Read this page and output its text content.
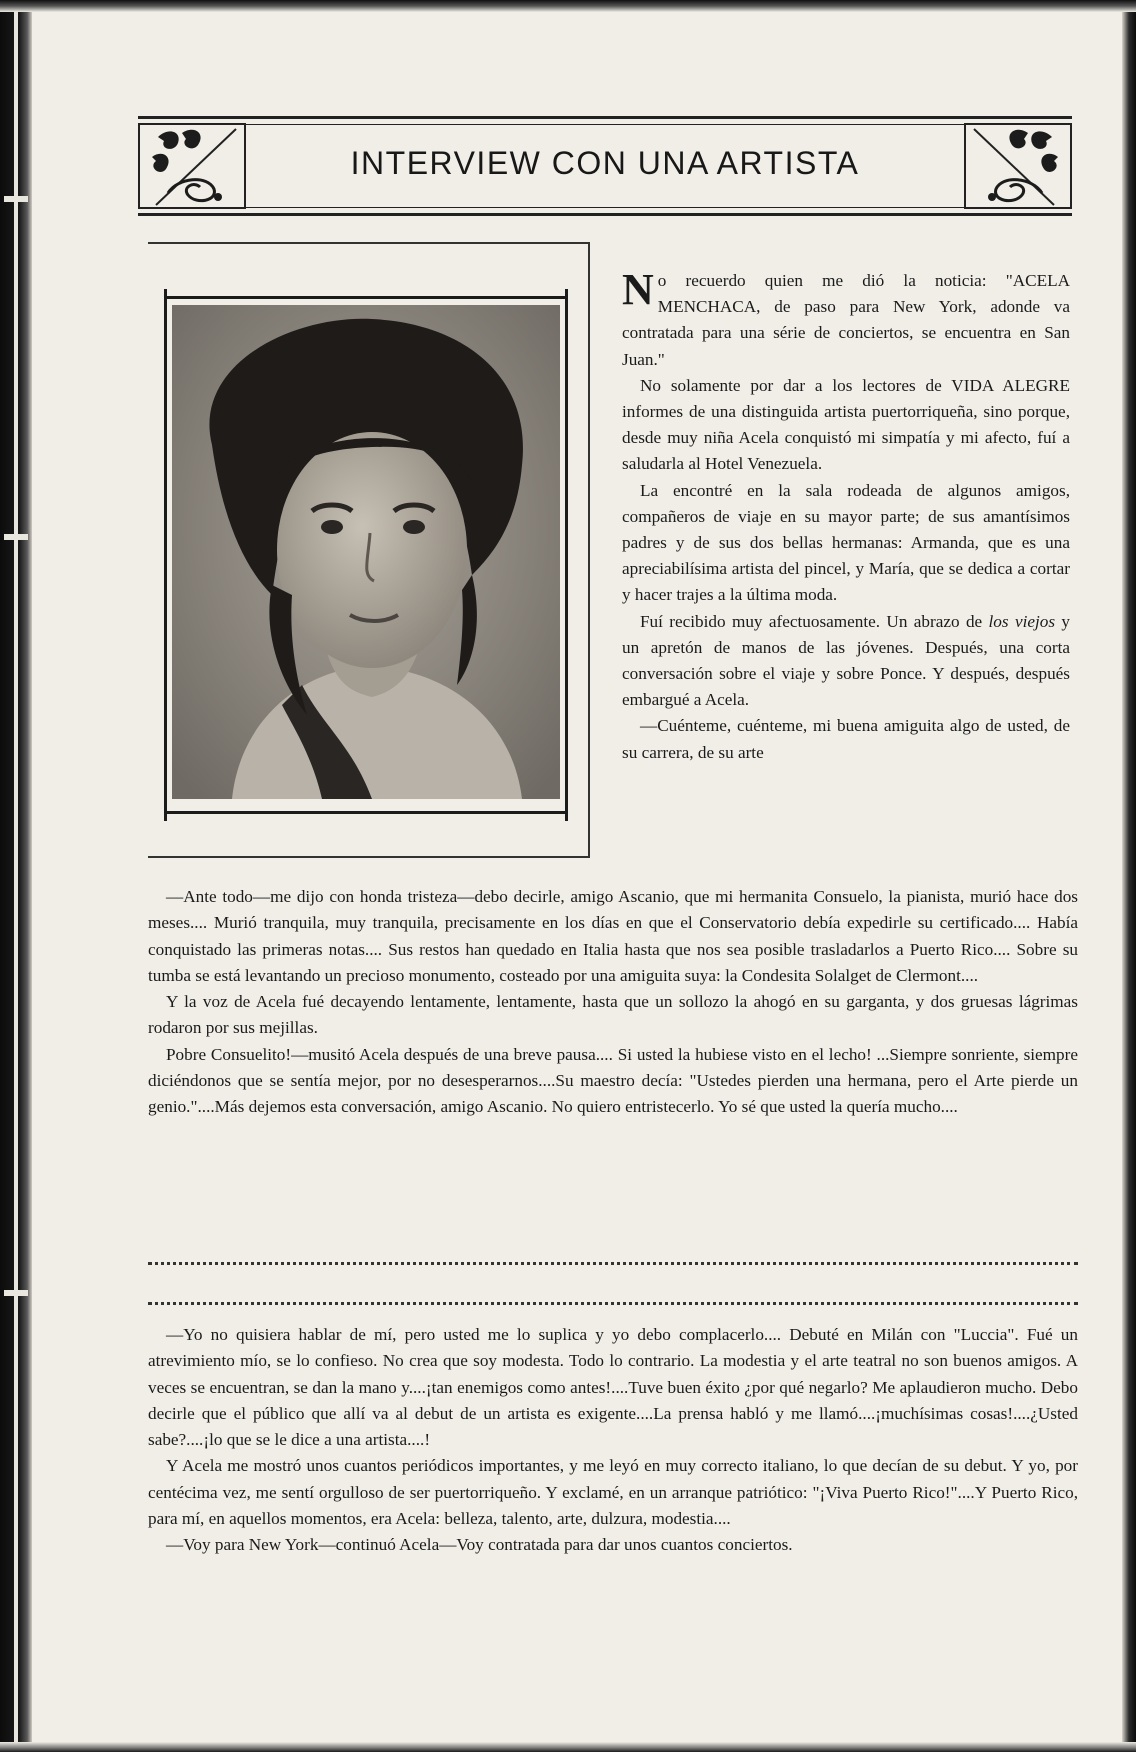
INTERVIEW CON UNA ARTISTA

No recuerdo quien me dió la noticia: "ACELA MENCHACA, de paso para New York, adonde va contratada para una série de conciertos, se encuentra en San Juan."

No solamente por dar a los lectores de VIDA ALEGRE informes de una distinguida artista puertorriqueña, sino porque, desde muy niña Acela conquistó mi simpatía y mi afecto, fuí a saludarla al Hotel Venezuela.

La encontré en la sala rodeada de algunos amigos, compañeros de viaje en su mayor parte; de sus amantísimos padres y de sus dos bellas hermanas: Armanda, que es una apreciabilísima artista del pincel, y María, que se dedica a cortar y hacer trajes a la última moda.

Fuí recibido muy afectuosamente. Un abrazo de los viejos y un apretón de manos de las jóvenes. Después, una corta conversación sobre el viaje y sobre Ponce. Y después, después embargué a Acela.

—Cuénteme, cuénteme, mi buena amiguita algo de usted, de su carrera, de su arte

—Ante todo—me dijo con honda tristeza—debo decirle, amigo Ascanio, que mi hermanita Consuelo, la pianista, murió hace dos meses.... Murió tranquila, muy tranquila, precisamente en los días en que el Conservatorio debía expedirle su certificado.... Había conquistado las primeras notas.... Sus restos han quedado en Italia hasta que nos sea posible trasladarlos a Puerto Rico.... Sobre su tumba se está levantando un precioso monumento, costeado por una amiguita suya: la Condesita Solalget de Clermont....

Y la voz de Acela fué decayendo lentamente, lentamente, hasta que un sollozo la ahogó en su garganta, y dos gruesas lágrimas rodaron por sus mejillas.

Pobre Consuelito!—musitó Acela después de una breve pausa.... Si usted la hubiese visto en el lecho! ...Siempre sonriente, siempre diciéndonos que se sentía mejor, por no desesperarnos....Su maestro decía: "Ustedes pierden una hermana, pero el Arte pierde un genio."....Más dejemos esta conversación, amigo Ascanio. No quiero entristecerlo. Yo sé que usted la quería mucho....

—Yo no quisiera hablar de mí, pero usted me lo suplica y yo debo complacerlo.... Debuté en Milán con "Luccia". Fué un atrevimiento mío, se lo confieso. No crea que soy modesta. Todo lo contrario. La modestia y el arte teatral no son buenos amigos. A veces se encuentran, se dan la mano y....¡tan enemigos como antes!....Tuve buen éxito ¿por qué negarlo? Me aplaudieron mucho. Debo decirle que el público que allí va al debut de un artista es exigente....La prensa habló y me llamó....¡muchísimas cosas!....¿Usted sabe?....¡lo que se le dice a una artista....!

Y Acela me mostró unos cuantos periódicos importantes, y me leyó en muy correcto italiano, lo que decían de su debut. Y yo, por centécima vez, me sentí orgulloso de ser puertorriqueño. Y exclamé, en un arranque patriótico: "¡Viva Puerto Rico!"....Y Puerto Rico, para mí, en aquellos momentos, era Acela: belleza, talento, arte, dulzura, modestia....

—Voy para New York—continuó Acela—Voy contratada para dar unos cuantos conciertos.
